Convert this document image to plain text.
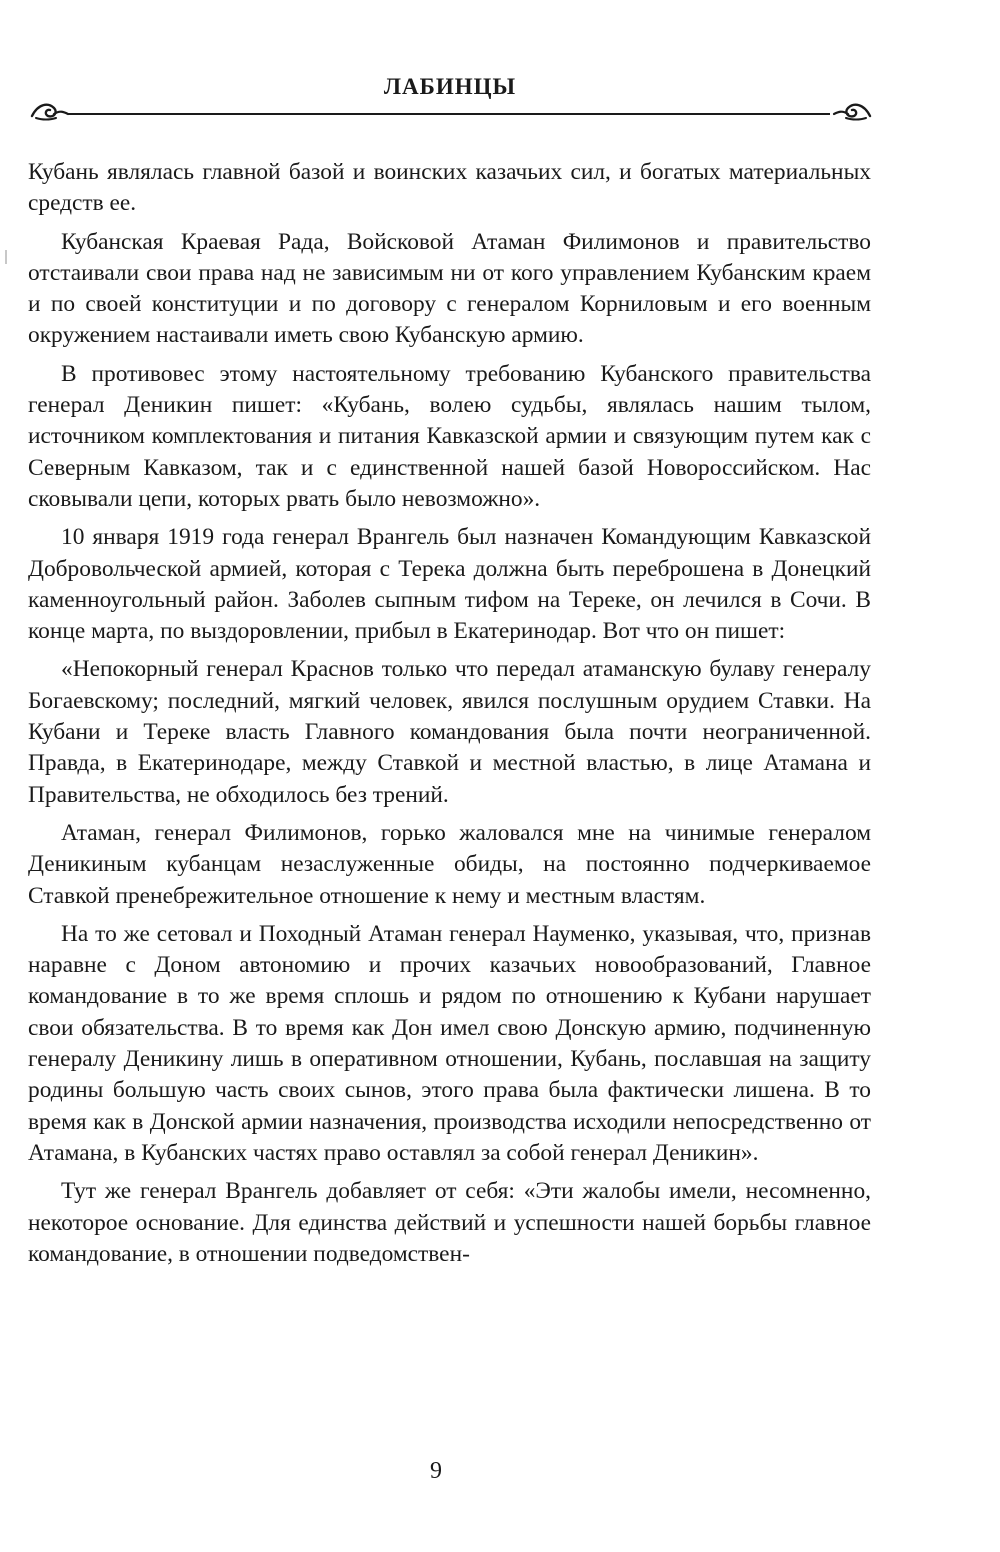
ЛАБИНЦЫ

Кубань являлась главной базой и воинских казачьих сил, и богатых материальных средств ее.

Кубанская Краевая Рада, Войсковой Атаман Филимонов и правительство отстаивали свои права над не зависимым ни от кого управлением Кубанским краем и по своей конституции и по договору с генералом Корниловым и его военным окружением настаивали иметь свою Кубанскую армию.

В противовес этому настоятельному требованию Кубанского правительства генерал Деникин пишет: «Кубань, волею судьбы, являлась нашим тылом, источником комплектования и питания Кавказской армии и связующим путем как с Северным Кавказом, так и с единственной нашей базой Новороссийском. Нас сковывали цепи, которых рвать было невозможно».

10 января 1919 года генерал Врангель был назначен Командующим Кавказской Добровольческой армией, которая с Терека должна быть переброшена в Донецкий каменноугольный район. Заболев сыпным тифом на Тереке, он лечился в Сочи. В конце марта, по выздоровлении, прибыл в Екатеринодар. Вот что он пишет:

«Непокорный генерал Краснов только что передал атаманскую булаву генералу Богаевскому; последний, мягкий человек, явился послушным орудием Ставки. На Кубани и Тереке власть Главного командования была почти неограниченной. Правда, в Екатеринодаре, между Ставкой и местной властью, в лице Атамана и Правительства, не обходилось без трений.

Атаман, генерал Филимонов, горько жаловался мне на чинимые генералом Деникиным кубанцам незаслуженные обиды, на постоянно подчеркиваемое Ставкой пренебрежительное отношение к нему и местным властям.

На то же сетовал и Походный Атаман генерал Науменко, указывая, что, признав наравне с Доном автономию и прочих казачьих новообразований, Главное командование в то же время сплошь и рядом по отношению к Кубани нарушает свои обязательства. В то время как Дон имел свою Донскую армию, подчиненную генералу Деникину лишь в оперативном отношении, Кубань, пославшая на защиту родины большую часть своих сынов, этого права была фактически лишена. В то время как в Донской армии назначения, производства исходили непосредственно от Атамана, в Кубанских частях право оставлял за собой генерал Деникин».

Тут же генерал Врангель добавляет от себя: «Эти жалобы имели, несомненно, некоторое основание. Для единства действий и успешности нашей борьбы главное командование, в отношении подведомствен-

9
